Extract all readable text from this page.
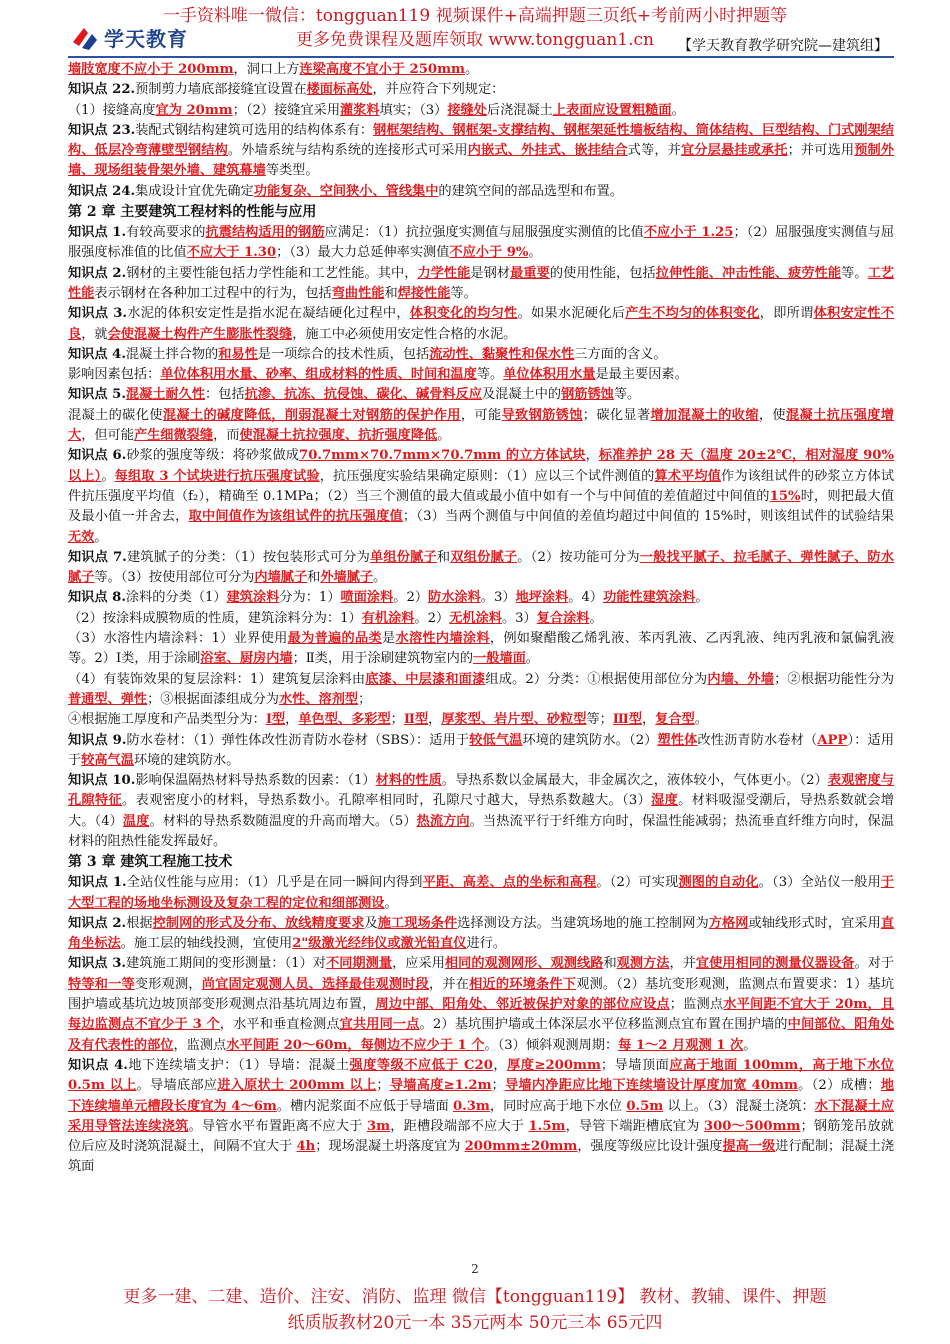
一手资料唯一微信：tongguan119 视频课件+高端押题三页纸+考前两小时押题等
更多免费课程及题库领取 www.tongguan1.cn
学天教育	【学天教育教学研究院—建筑组】

墙肢宽度不应小于 200mm，洞口上方连梁高度不宜小于 250mm。

知识点 22.预制剪力墙底部接缝宜设置在楼面标高处，并应符合下列规定：

（1）接缝高度宜为 20mm；（2）接缝宜采用灌浆料填实；（3）接缝处后浇混凝土上表面应设置粗糙面。

知识点 23.装配式钢结构建筑可选用的结构体系有：钢框架结构、钢框架-支撑结构、钢框架延性墙板结构、筒体结构、巨型结构、门式刚架结构、低层冷弯薄壁型钢结构。外墙系统与结构系统的连接形式可采用内嵌式、外挂式、嵌挂结合式等，并宜分层悬挂或承托；并可选用预制外墙、现场组装骨架外墙、建筑幕墙等类型。

知识点 24.集成设计宜优先确定功能复杂、空间狭小、管线集中的建筑空间的部品选型和布置。

第 2 章 主要建筑工程材料的性能与应用

知识点 1.有较高要求的抗震结构适用的钢筋应满足：（1）抗拉强度实测值与屈服强度实测值的比值不应小于 1.25；（2）屈服强度实测值与屈服强度标准值的比值不应大于 1.30；（3）最大力总延伸率实测值不应小于 9%。

知识点 2.钢材的主要性能包括力学性能和工艺性能。其中，力学性能是钢材最重要的使用性能，包括拉伸性能、冲击性能、疲劳性能等。工艺性能表示钢材在各种加工过程中的行为，包括弯曲性能和焊接性能等。

知识点 3.水泥的体积安定性是指水泥在凝结硬化过程中，体积变化的均匀性。如果水泥硬化后产生不均匀的体积变化，即所谓体积安定性不良，就会使混凝土构件产生膨胀性裂缝，施工中必须使用安定性合格的水泥。

知识点 4.混凝土拌合物的和易性是一项综合的技术性质，包括流动性、黏聚性和保水性三方面的含义。

影响因素包括：单位体积用水量、砂率、组成材料的性质、时间和温度等。单位体积用水量是最主要因素。

知识点 5.混凝土耐久性：包括抗渗、抗冻、抗侵蚀、碳化、碱骨料反应及混凝土中的钢筋锈蚀等。

混凝土的碳化使混凝土的碱度降低，削弱混凝土对钢筋的保护作用，可能导致钢筋锈蚀；碳化显著增加混凝土的收缩，使混凝土抗压强度增大，但可能产生细微裂缝，而使混凝土抗拉强度、抗折强度降低。

知识点 6.砂浆的强度等级：将砂浆做成70.7mm×70.7mm×70.7mm 的立方体试块，标准养护 28 天（温度 20±2℃，相对湿度 90%以上）。每组取 3 个试块进行抗压强度试验，抗压强度实验结果确定原则：（1）应以三个试件测值的算术平均值作为该组试件的砂浆立方体试件抗压强度平均值（f₂），精确至 0.1MPa；（2）当三个测值的最大值或最小值中如有一个与中间值的差值超过中间值的15%时，则把最大值及最小值一并舍去，取中间值作为该组试件的抗压强度值；（3）当两个测值与中间值的差值均超过中间值的 15%时，则该组试件的试验结果无效。

知识点 7.建筑腻子的分类：（1）按包装形式可分为单组份腻子和双组份腻子。（2）按功能可分为一般找平腻子、拉毛腻子、弹性腻子、防水腻子等。（3）按使用部位可分为内墙腻子和外墙腻子。

知识点 8.涂料的分类（1）建筑涂料分为：1）喷面涂料。2）防水涂料。3）地坪涂料。4）功能性建筑涂料。

（2）按涂料成膜物质的性质，建筑涂料分为：1）有机涂料。2）无机涂料。3）复合涂料。

（3）水溶性内墙涂料：1）业界使用最为普遍的品类是水溶性内墙涂料，例如聚醋酸乙烯乳液、苯丙乳液、乙丙乳液、纯丙乳液和氯偏乳液等。2）Ⅰ类，用于涂刷浴室、厨房内墙；Ⅱ类，用于涂刷建筑物室内的一般墙面。

（4）有装饰效果的复层涂料：1）建筑复层涂料由底漆、中层漆和面漆组成。2）分类：①根据使用部位分为内墙、外墙；②根据功能性分为普通型、弹性；③根据面漆组成分为水性、溶剂型；

④根据施工厚度和产品类型分为：Ⅰ型，单色型、多彩型；Ⅱ型，厚浆型、岩片型、砂粒型等；Ⅲ型，复合型。

知识点 9.防水卷材：（1）弹性体改性沥青防水卷材（SBS）：适用于较低气温环境的建筑防水。（2）塑性体改性沥青防水卷材（APP）：适用于较高气温环境的建筑防水。

知识点 10.影响保温隔热材料导热系数的因素：（1）材料的性质。导热系数以金属最大，非金属次之，液体较小，气体更小。（2）表观密度与孔隙特征。表观密度小的材料，导热系数小。孔隙率相同时，孔隙尺寸越大，导热系数越大。（3）湿度。材料吸湿受潮后，导热系数就会增大。（4）温度。材料的导热系数随温度的升高而增大。（5）热流方向。当热流平行于纤维方向时，保温性能减弱；热流垂直纤维方向时，保温材料的阻热性能发挥最好。

第 3 章 建筑工程施工技术

知识点 1.全站仪性能与应用：（1）几乎是在同一瞬间内得到平距、高差、点的坐标和高程。（2）可实现测图的自动化。（3）全站仪一般用于大型工程的场地坐标测设及复杂工程的定位和细部测设。

知识点 2.根据控制网的形式及分布、放线精度要求及施工现场条件选择测设方法。当建筑场地的施工控制网为方格网或轴线形式时，宜采用直角坐标法。施工层的轴线投测，宜使用2"级激光经纬仪或激光铅直仪进行。

知识点 3.建筑施工期间的变形测量：（1）对不同期测量，应采用相同的观测网形、观测线路和观测方法，并宜使用相同的测量仪器设备。对于特等和一等变形观测，尚宜固定观测人员、选择最佳观测时段，并在相近的环境条件下观测。（2）基坑变形观测，监测点布置要求：1）基坑围护墙或基坑边坡顶部变形观测点沿基坑周边布置，周边中部、阳角处、邻近被保护对象的部位应设点；监测点水平间距不宜大于 20m，且每边监测点不宜少于 3 个，水平和垂直检测点宜共用同一点。2）基坑围护墙或土体深层水平位移监测点宜布置在围护墙的中间部位、阳角处及有代表性的部位，监测点水平间距 20～60m，每侧边不应少于 1 个。（3）倾斜观测周期：每 1～2 月观测 1 次。

知识点 4.地下连续墙支护：（1）导墙：混凝土强度等级不应低于 C20，厚度≥200mm；导墙顶面应高于地面 100mm，高于地下水位 0.5m 以上。导墙底部应进入原状土 200mm 以上；导墙高度≥1.2m；导墙内净距应比地下连续墙设计厚度加宽 40mm。（2）成槽：地下连续墙单元槽段长度宜为 4～6m。槽内泥浆面不应低于导墙面 0.3m，同时应高于地下水位 0.5m 以上。（3）混凝土浇筑：水下混凝土应采用导管法连续浇筑。导管水平布置距离不应大于 3m，距槽段端部不应大于 1.5m，导管下端距槽底宜为 300～500mm；钢筋笼吊放就位后应及时浇筑混凝土，间隔不宜大于 4h；现场混凝土坍落度宜为 200mm±20mm，强度等级应比设计强度提高一级进行配制；混凝土浇筑面

2
更多一建、二建、造价、注安、消防、监理 微信【tongguan119】 教材、教辅、课件、押题
纸质版教材20元一本 35元两本 50元三本 65元四
